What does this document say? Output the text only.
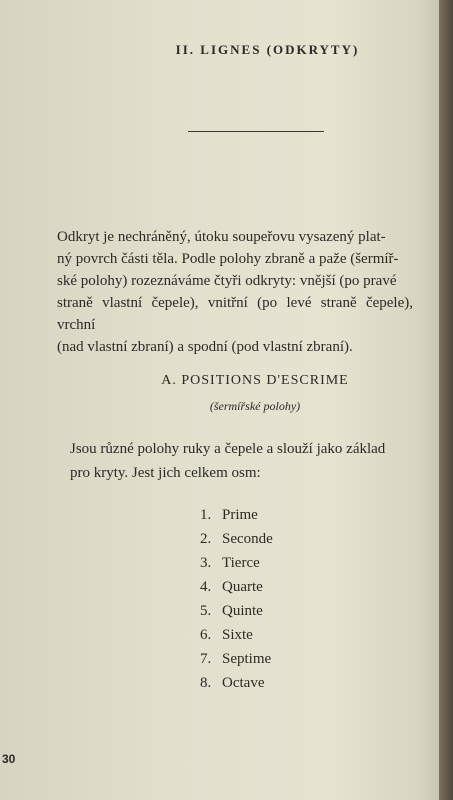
II. LIGNES (ODKRYTY)

Odkryt je nechráněný, útoku soupeřovu vysazený plat-

ný povrch části těla. Podle polohy zbraně a paže (šermíř-

ské polohy) rozeznáváme čtyři odkryty: vnější (po pravé

straně vlastní čepele), vnitřní (po levé straně čepele), vrchní

(nad vlastní zbraní) a spodní (pod vlastní zbraní).

A. POSITIONS D'ESCRIME
(šermířské polohy)
Jsou různé polohy ruky a čepele a slouží jako základ
pro kryty. Jest jich celkem osm:
1. Prime
2. Seconde
3. Tierce
4. Quarte
5. Quinte
6. Sixte
7. Septime
8. Octave
30
